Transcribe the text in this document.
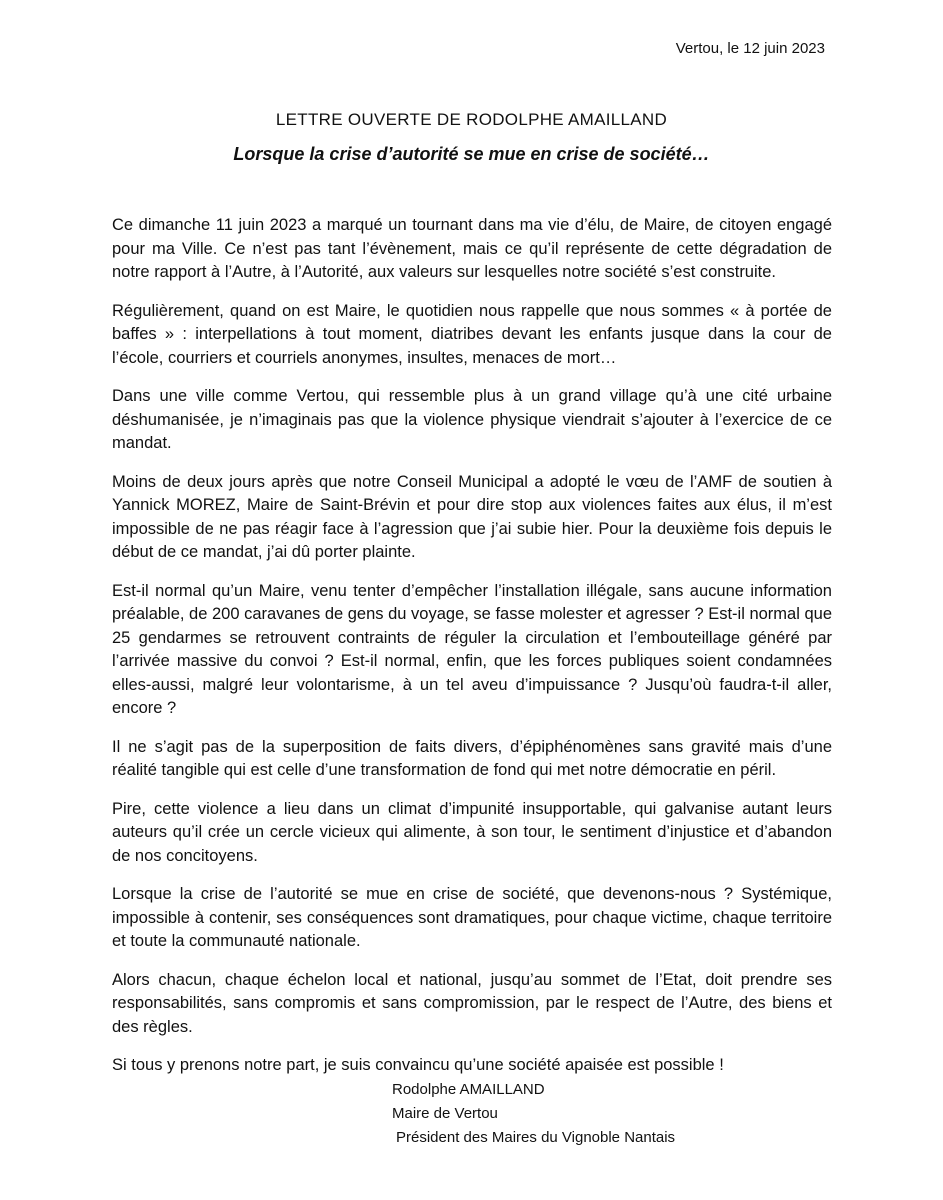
Vertou, le 12 juin 2023
LETTRE OUVERTE DE RODOLPHE AMAILLAND
Lorsque la crise d’autorité se mue en crise de société…

Ce dimanche 11 juin 2023 a marqué un tournant dans ma vie d’élu, de Maire, de citoyen engagé pour ma Ville. Ce n’est pas tant l’évènement, mais ce qu’il représente de cette dégradation de notre rapport à l’Autre, à l’Autorité, aux valeurs sur lesquelles notre société s’est construite.

Régulièrement, quand on est Maire, le quotidien nous rappelle que nous sommes « à portée de baffes » : interpellations à tout moment, diatribes devant les enfants jusque dans la cour de l’école, courriers et courriels anonymes, insultes, menaces de mort…

Dans une ville comme Vertou, qui ressemble plus à un grand village qu’à une cité urbaine déshumanisée, je n’imaginais pas que la violence physique viendrait s’ajouter à l’exercice de ce mandat.

Moins de deux jours après que notre Conseil Municipal a adopté le vœu de l’AMF de soutien à Yannick MOREZ, Maire de Saint-Brévin et pour dire stop aux violences faites aux élus, il m’est impossible de ne pas réagir face à l’agression que j’ai subie hier. Pour la deuxième fois depuis le début de ce mandat, j’ai dû porter plainte.

Est-il normal qu’un Maire, venu tenter d’empêcher l’installation illégale, sans aucune information préalable, de 200 caravanes de gens du voyage, se fasse molester et agresser ? Est-il normal que 25 gendarmes se retrouvent contraints de réguler la circulation et l’embouteillage généré par l’arrivée massive du convoi ? Est-il normal, enfin, que les forces publiques soient condamnées elles-aussi, malgré leur volontarisme, à un tel aveu d’impuissance ? Jusqu’où faudra-t-il aller, encore ?

Il ne s’agit pas de la superposition de faits divers, d’épiphénomènes sans gravité mais d’une réalité tangible qui est celle d’une transformation de fond qui met notre démocratie en péril.

Pire, cette violence a lieu dans un climat d’impunité insupportable, qui galvanise autant leurs auteurs qu’il crée un cercle vicieux qui alimente, à son tour, le sentiment d’injustice et d’abandon de nos concitoyens.

Lorsque la crise de l’autorité se mue en crise de société, que devenons-nous ? Systémique, impossible à contenir, ses conséquences sont dramatiques, pour chaque victime, chaque territoire et toute la communauté nationale.

Alors chacun, chaque échelon local et national, jusqu’au sommet de l’Etat, doit prendre ses responsabilités, sans compromis et sans compromission, par le respect de l’Autre, des biens et des règles.

Si tous y prenons notre part, je suis convaincu qu’une société apaisée est possible !

Rodolphe AMAILLAND
Maire de Vertou
Président des Maires du Vignoble Nantais
